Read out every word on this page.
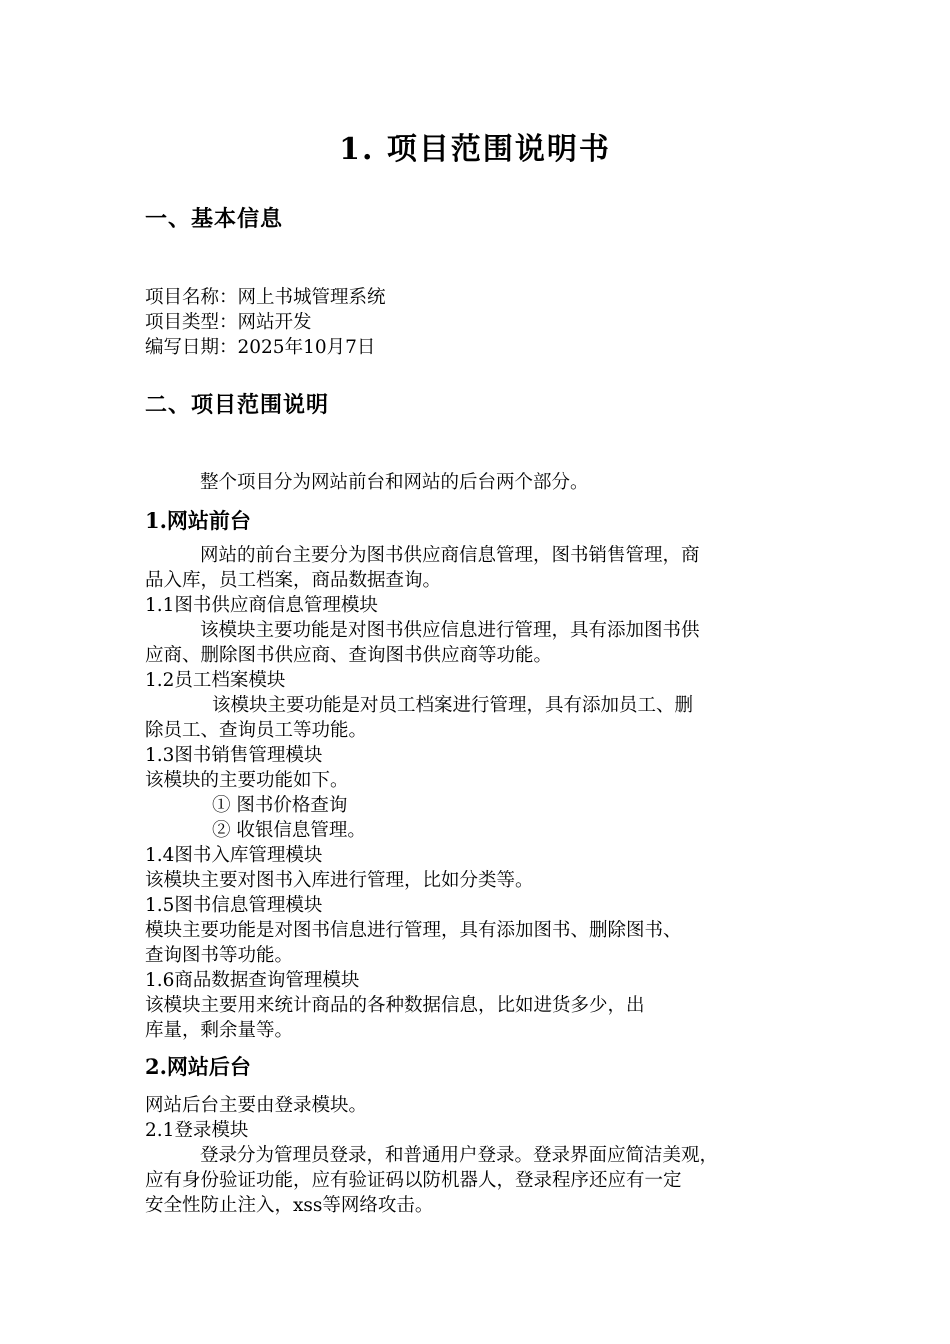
1. 项目范围说明书
一、基本信息

项目名称：网上书城管理系统

项目类型：网站开发

编写日期：2025年10月7日

二、项目范围说明

整个项目分为网站前台和网站的后台两个部分。

1.网站前台

网站的前台主要分为图书供应商信息管理，图书销售管理，商

品入库，员工档案，商品数据查询。

1.1图书供应商信息管理模块

该模块主要功能是对图书供应信息进行管理，具有添加图书供

应商、删除图书供应商、查询图书供应商等功能。

1.2员工档案模块

该模块主要功能是对员工档案进行管理，具有添加员工、删

除员工、查询员工等功能。

1.3图书销售管理模块

该模块的主要功能如下。

① 图书价格查询

② 收银信息管理。

1.4图书入库管理模块

该模块主要对图书入库进行管理，比如分类等。

1.5图书信息管理模块

模块主要功能是对图书信息进行管理，具有添加图书、删除图书、

查询图书等功能。

1.6商品数据查询管理模块

该模块主要用来统计商品的各种数据信息，比如进货多少，出

库量，剩余量等。

2.网站后台

网站后台主要由登录模块。

2.1登录模块

登录分为管理员登录，和普通用户登录。登录界面应简洁美观，

应有身份验证功能，应有验证码以防机器人，登录程序还应有一定

安全性防止注入，xss等网络攻击。
